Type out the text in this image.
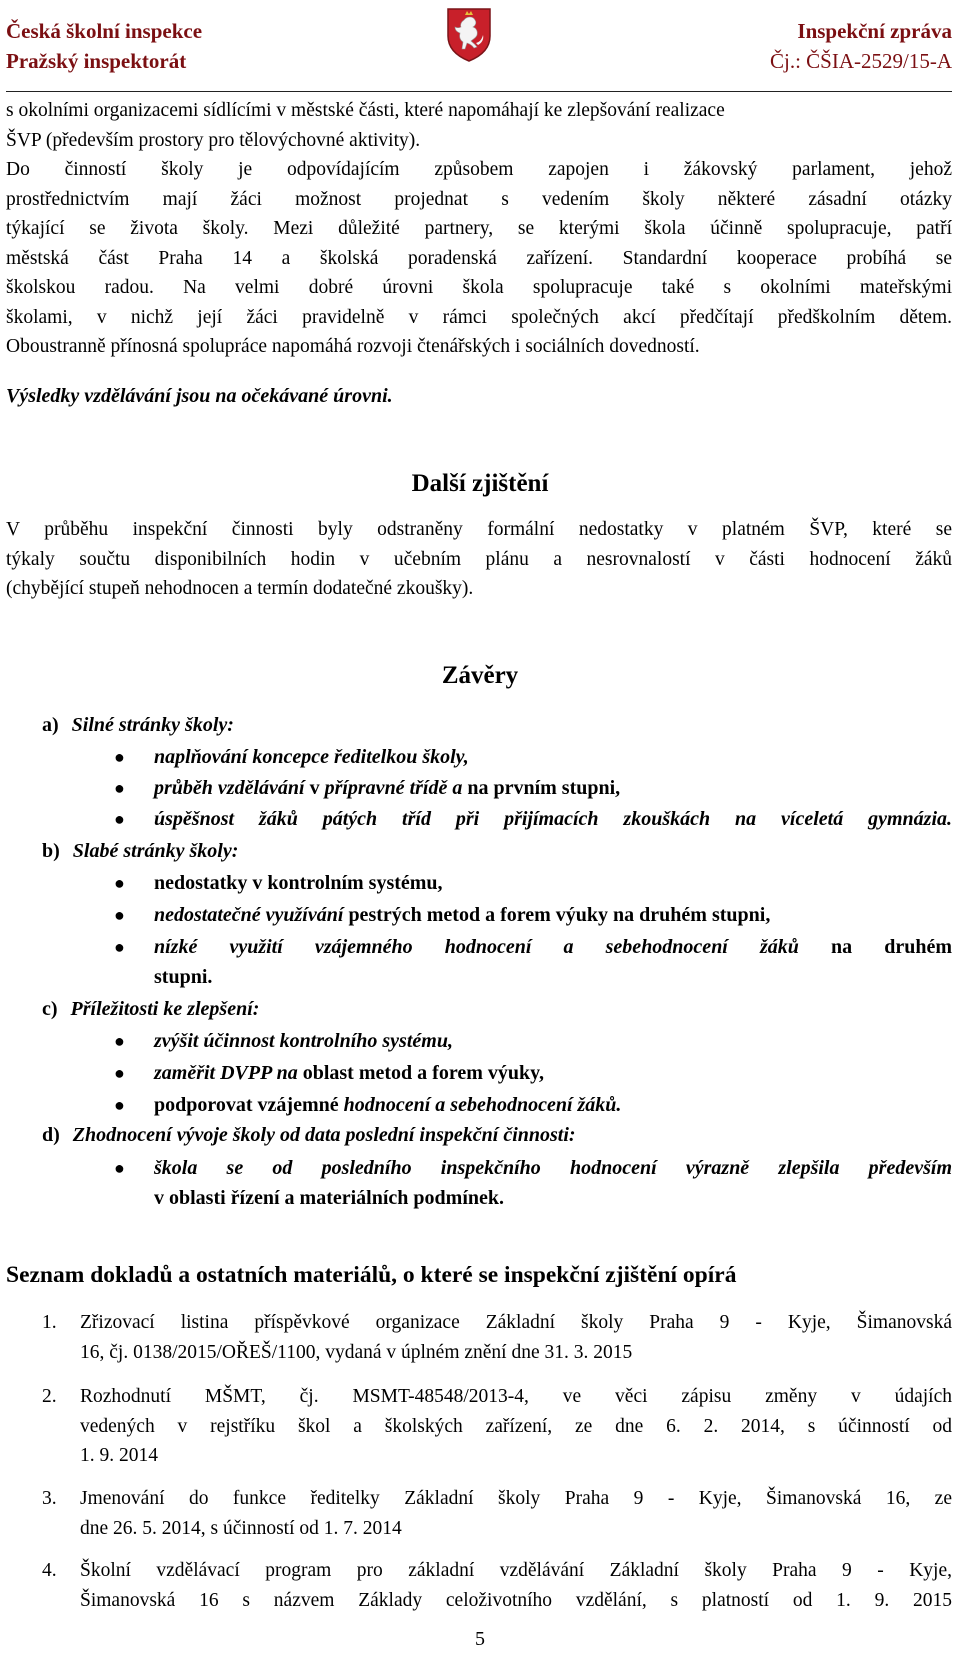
Česká školní inspekce
Pražský inspektorát
Inspekční zpráva
Čj.: ČŠIA-2529/15-A
s okolními organizacemi sídlícími v městské části, které napomáhají ke zlepšování realizace
ŠVP (především prostory pro tělovýchovné aktivity).
Do činností školy je odpovídajícím způsobem zapojen i žákovský parlament, jehož
prostřednictvím mají žáci možnost projednat s vedením školy některé zásadní otázky
týkající se života školy. Mezi důležité partnery, se kterými škola účinně spolupracuje, patří
městská část Praha 14 a školská poradenská zařízení. Standardní kooperace probíhá se
školskou radou. Na velmi dobré úrovni škola spolupracuje také s okolními mateřskými
školami, v nichž její žáci pravidelně v rámci společných akcí předčítají předškolním dětem.
Oboustranně přínosná spolupráce napomáhá rozvoji čtenářských i sociálních dovedností.
Výsledky vzdělávání jsou na očekávané úrovni.
Další zjištění
V průběhu inspekční činnosti byly odstraněny formální nedostatky v platném ŠVP, které se
týkaly součtu disponibilních hodin v učebním plánu a nesrovnalostí v části hodnocení žáků
(chybějící stupeň nehodnocen a termín dodatečné zkoušky).
Závěry
a) Silné stránky školy:
●	naplňování koncepce ředitelkou školy,
●	průběh vzdělávání v přípravné třídě a na prvním stupni,
●	úspěšnost žáků pátých tříd při přijímacích zkouškách na víceletá gymnázia.
b) Slabé stránky školy:
●	nedostatky v kontrolním systému,
●	nedostatečné využívání pestrých metod a forem výuky na druhém stupni,
●	nízké využití vzájemného hodnocení a sebehodnocení žáků na druhém
stupni.
c) Příležitosti ke zlepšení:
●	zvýšit účinnost kontrolního systému,
●	zaměřit DVPP na oblast metod a forem výuky,
●	podporovat vzájemné hodnocení a sebehodnocení žáků.
d) Zhodnocení vývoje školy od data poslední inspekční činnosti:
●	škola se od posledního inspekčního hodnocení výrazně zlepšila především
v oblasti řízení a materiálních podmínek.
Seznam dokladů a ostatních materiálů, o které se inspekční zjištění opírá
1. Zřizovací listina příspěvkové organizace Základní školy Praha 9 - Kyje, Šimanovská
16, čj. 0138/2015/OŘEŠ/1100, vydaná v úplném znění dne 31. 3. 2015
2. Rozhodnutí MŠMT, čj. MSMT-48548/2013-4, ve věci zápisu změny v údajích
vedených v rejstříku škol a školských zařízení, ze dne 6. 2. 2014, s účinností od
1. 9. 2014
3. Jmenování do funkce ředitelky Základní školy Praha 9 - Kyje, Šimanovská 16, ze
dne 26. 5. 2014, s účinností od 1. 7. 2014
4. Školní vzdělávací program pro základní vzdělávání Základní školy Praha 9 - Kyje,
Šimanovská 16 s názvem Základy celoživotního vzdělání, s platností od 1. 9. 2015
5
